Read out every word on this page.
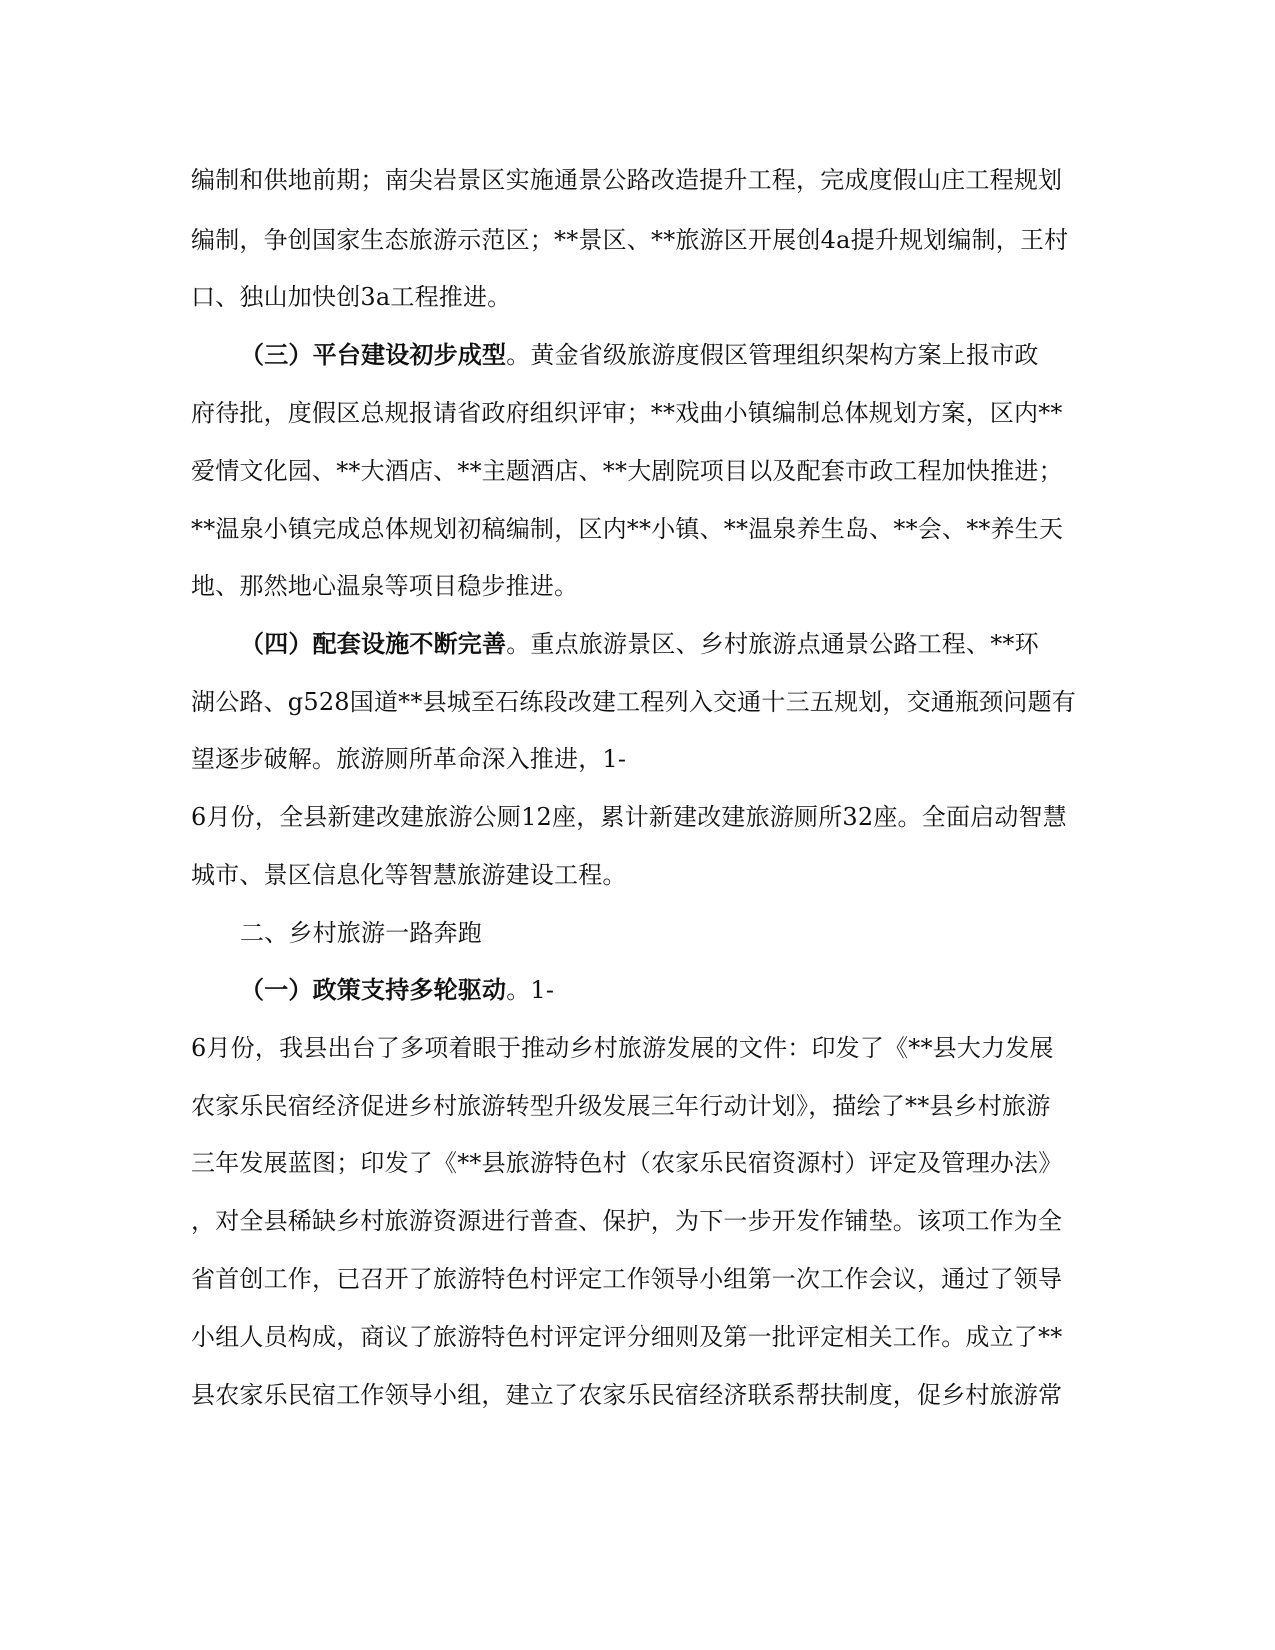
编制和供地前期；南尖岩景区实施通景公路改造提升工程，完成度假山庄工程规划
编制，争创国家生态旅游示范区；**景区、**旅游区开展创4a提升规划编制，王村
口、独山加快创3a工程推进。
（三）平台建设初步成型。黄金省级旅游度假区管理组织架构方案上报市政
府待批，度假区总规报请省政府组织评审；**戏曲小镇编制总体规划方案，区内**
爱情文化园、**大酒店、**主题酒店、**大剧院项目以及配套市政工程加快推进；
**温泉小镇完成总体规划初稿编制，区内**小镇、**温泉养生岛、**会、**养生天
地、那然地心温泉等项目稳步推进。
（四）配套设施不断完善。重点旅游景区、乡村旅游点通景公路工程、**环
湖公路、g528国道**县城至石练段改建工程列入交通十三五规划，交通瓶颈问题有
望逐步破解。旅游厕所革命深入推进，1-
6月份，全县新建改建旅游公厕12座，累计新建改建旅游厕所32座。全面启动智慧
城市、景区信息化等智慧旅游建设工程。
二、乡村旅游一路奔跑
（一）政策支持多轮驱动。1-
6月份，我县出台了多项着眼于推动乡村旅游发展的文件：印发了《**县大力发展
农家乐民宿经济促进乡村旅游转型升级发展三年行动计划》，描绘了**县乡村旅游
三年发展蓝图；印发了《**县旅游特色村（农家乐民宿资源村）评定及管理办法》
，对全县稀缺乡村旅游资源进行普查、保护，为下一步开发作铺垫。该项工作为全
省首创工作，已召开了旅游特色村评定工作领导小组第一次工作会议，通过了领导
小组人员构成，商议了旅游特色村评定评分细则及第一批评定相关工作。成立了**
县农家乐民宿工作领导小组，建立了农家乐民宿经济联系帮扶制度，促乡村旅游常
